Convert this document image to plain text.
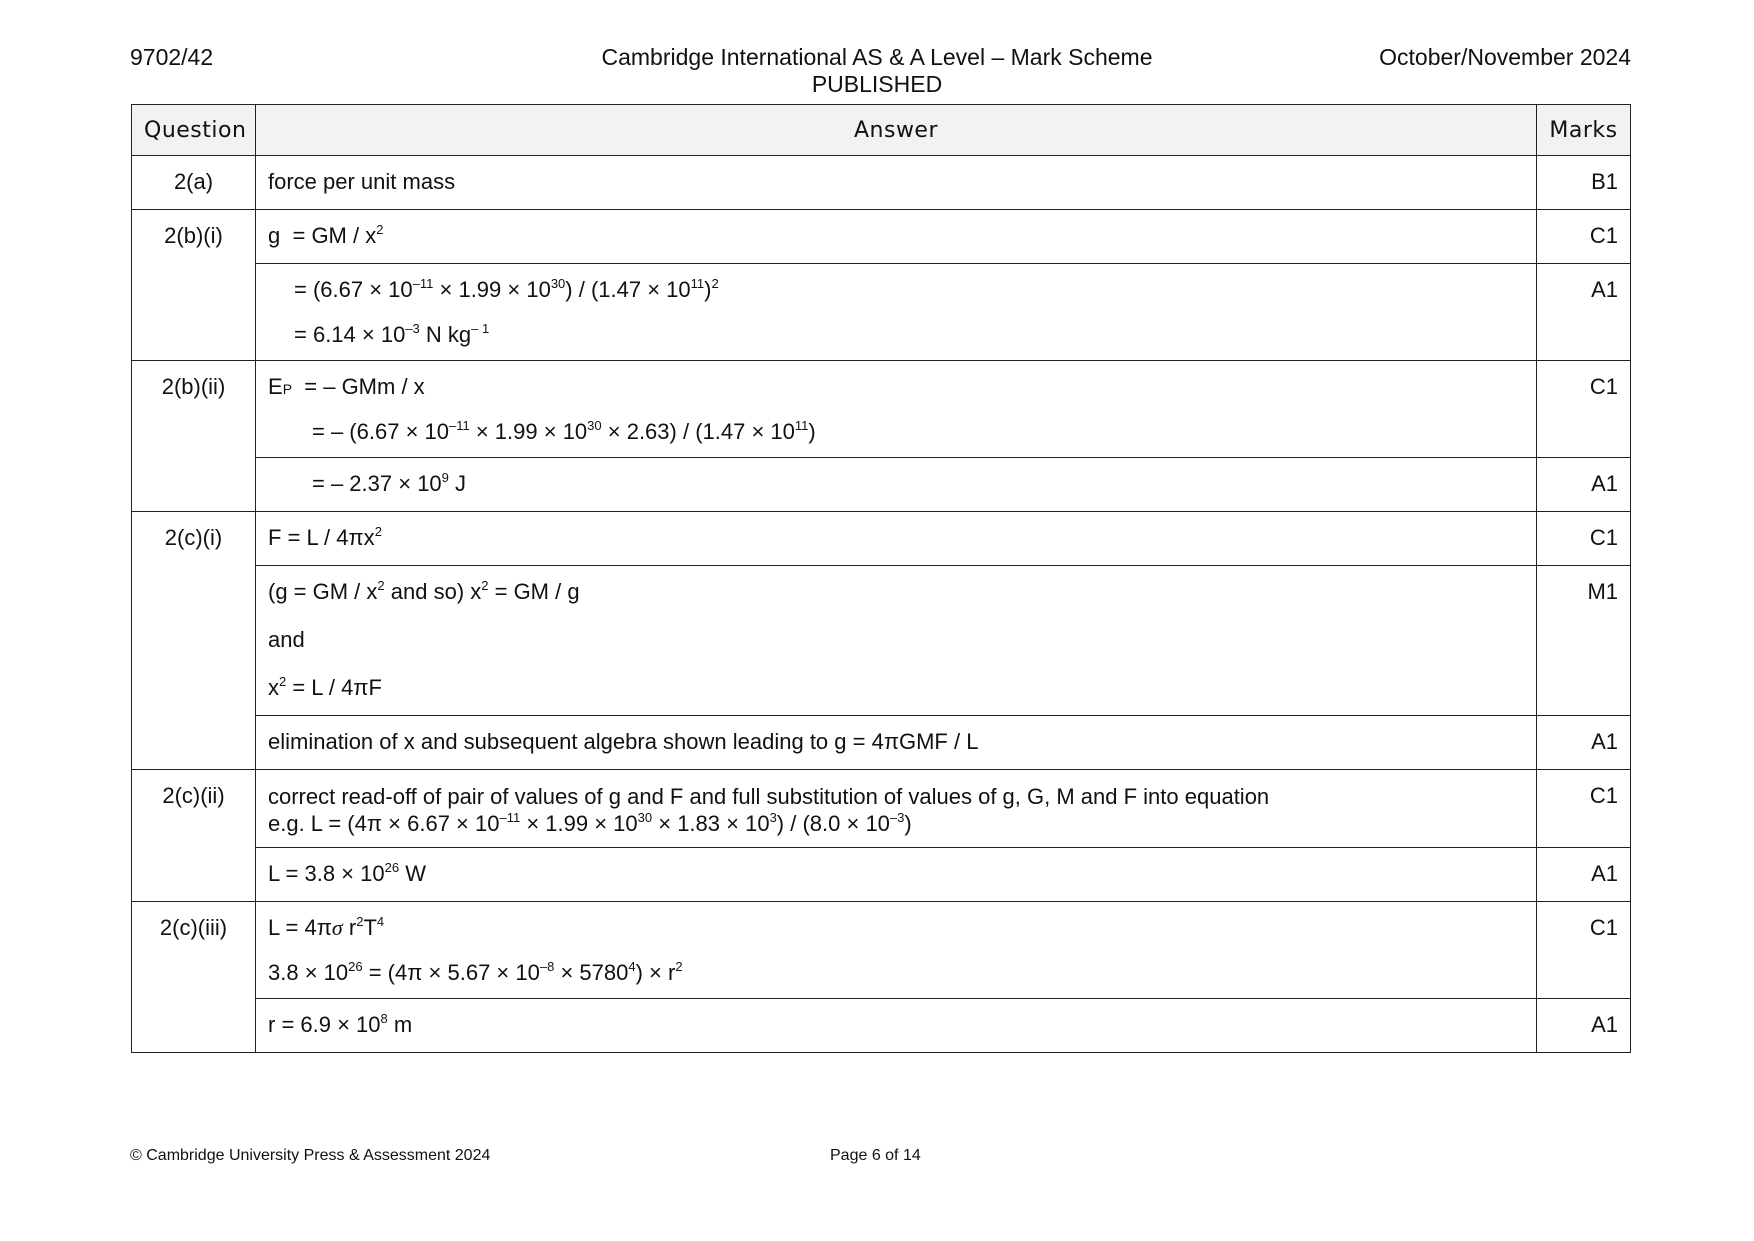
9702/42	Cambridge International AS & A Level – Mark Scheme
PUBLISHED
October/November 2024
Question	Answer	Marks

2(a)	force per unit mass	B1

2(b)(i)	g = GM / $x^2$	C1

	= $(6.67 \times 10^{-11} \times 1.99 \times 10^{30}) / (1.47 \times 10^{11})^2$
= $6.14 \times 10^{-3}$ N $kg^{- 1}$	A1

2(b)(ii)	EP = – GMm / x
= – $(6.67 \times 10^{-11} \times 1.99 \times 10^{30} \times 2.63) / (1.47 \times 10^{11})$	C1

	= – $2.37 \times 10^9$ J	A1

2(c)(i)	$F = L / 4\pi x^2$	C1

	(g = GM / $x^2$ and so) $x^2$ = GM / g
and
$x^2 = L / 4\pi F$	M1

	elimination of x and subsequent algebra shown leading to g = 4πGMF / L	A1

2(c)(ii)	correct read-off of pair of values of g and F and full substitution of values of g, G, M and F into equation
e.g. $L = (4\pi \times 6.67 \times 10^{-11} \times 1.99 \times 10^{30} \times 1.83 \times 10^3) / (8.0 \times 10^{-3})$	C1

	$L = 3.8 \times 10^{26}$ W	A1

2(c)(iii)	L = 4πσ $r^2T^4$
$3.8 \times 10^{26} = (4\pi \times 5.67 \times 10^{-8} \times 5780^4) \times r^2$	C1

	$r = 6.9 \times 10^8$ m	A1
© Cambridge University Press & Assessment 2024	Page 6 of 14
